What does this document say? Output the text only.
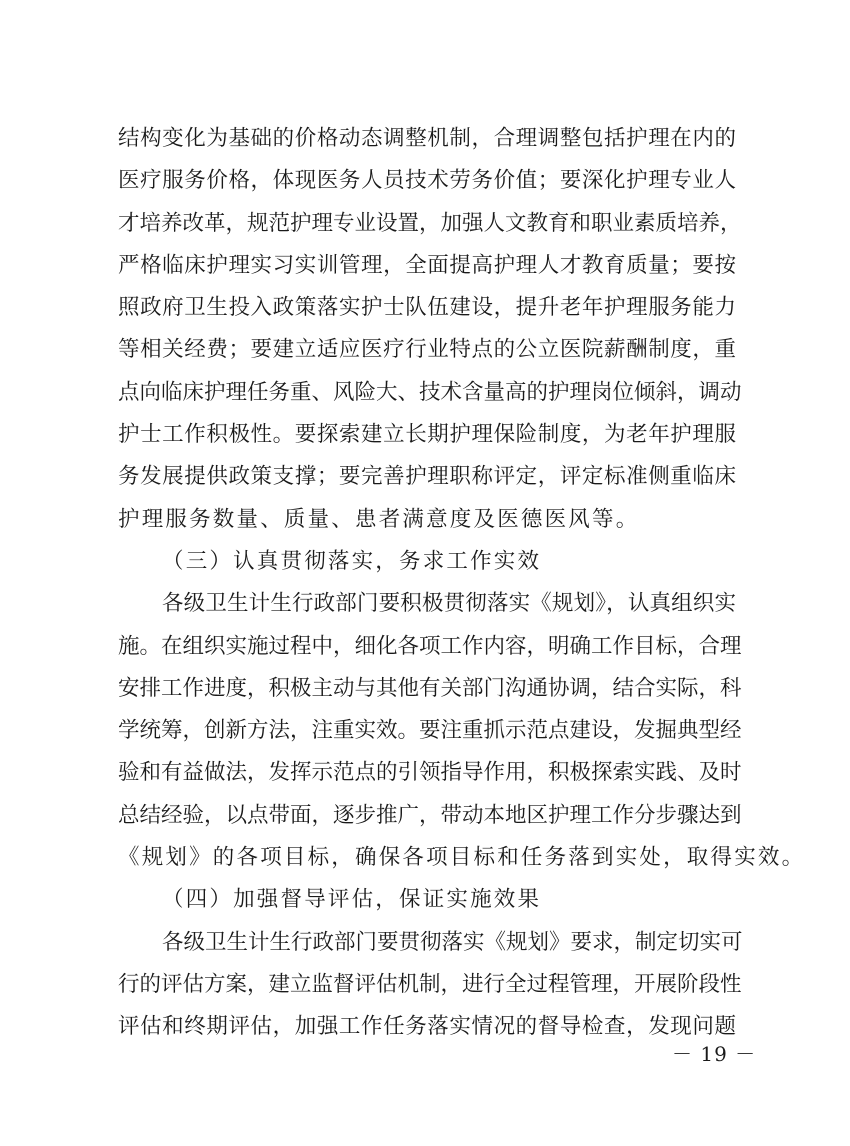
结构变化为基础的价格动态调整机制，合理调整包括护理在内的
医疗服务价格，体现医务人员技术劳务价值；要深化护理专业人
才培养改革，规范护理专业设置，加强人文教育和职业素质培养，
严格临床护理实习实训管理，全面提高护理人才教育质量；要按
照政府卫生投入政策落实护士队伍建设，提升老年护理服务能力
等相关经费；要建立适应医疗行业特点的公立医院薪酬制度，重
点向临床护理任务重、风险大、技术含量高的护理岗位倾斜，调动
护士工作积极性。要探索建立长期护理保险制度，为老年护理服
务发展提供政策支撑；要完善护理职称评定，评定标准侧重临床
护理服务数量、质量、患者满意度及医德医风等。
（三）认真贯彻落实，务求工作实效
各级卫生计生行政部门要积极贯彻落实《规划》，认真组织实
施。在组织实施过程中，细化各项工作内容，明确工作目标，合理
安排工作进度，积极主动与其他有关部门沟通协调，结合实际，科
学统筹，创新方法，注重实效。要注重抓示范点建设，发掘典型经
验和有益做法，发挥示范点的引领指导作用，积极探索实践、及时
总结经验，以点带面，逐步推广，带动本地区护理工作分步骤达到
《规划》的各项目标，确保各项目标和任务落到实处，取得实效。
（四）加强督导评估，保证实施效果
各级卫生计生行政部门要贯彻落实《规划》要求，制定切实可
行的评估方案，建立监督评估机制，进行全过程管理，开展阶段性
评估和终期评估，加强工作任务落实情况的督导检查，发现问题
－ 19 －
